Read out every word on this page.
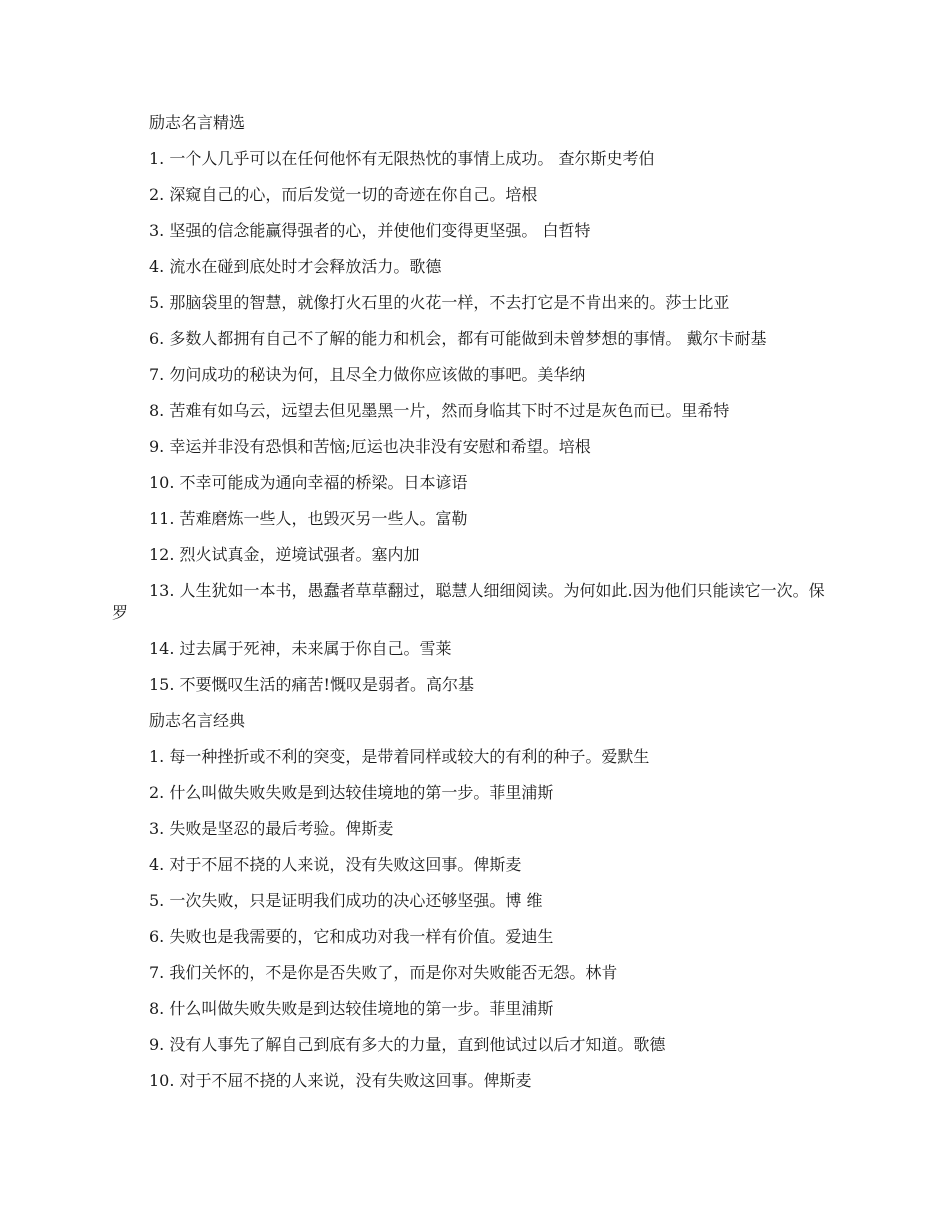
励志名言精选

1. 一个人几乎可以在任何他怀有无限热忱的事情上成功。 查尔斯史考伯

2. 深窥自己的心，而后发觉一切的奇迹在你自己。培根

3. 坚强的信念能赢得强者的心，并使他们变得更坚强。 白哲特

4. 流水在碰到底处时才会释放活力。歌德

5. 那脑袋里的智慧，就像打火石里的火花一样，不去打它是不肯出来的。莎士比亚

6. 多数人都拥有自己不了解的能力和机会，都有可能做到未曾梦想的事情。 戴尔卡耐基

7. 勿问成功的秘诀为何，且尽全力做你应该做的事吧。美华纳

8. 苦难有如乌云，远望去但见墨黑一片，然而身临其下时不过是灰色而已。里希特

9. 幸运并非没有恐惧和苦恼;厄运也决非没有安慰和希望。培根

10. 不幸可能成为通向幸福的桥梁。日本谚语

11. 苦难磨炼一些人，也毁灭另一些人。富勒

12. 烈火试真金，逆境试强者。塞内加

13. 人生犹如一本书，愚蠢者草草翻过，聪慧人细细阅读。为何如此.因为他们只能读它一次。保罗

14. 过去属于死神，未来属于你自己。雪莱

15. 不要慨叹生活的痛苦!慨叹是弱者。高尔基

励志名言经典

1. 每一种挫折或不利的突变，是带着同样或较大的有利的种子。爱默生

2. 什么叫做失败失败是到达较佳境地的第一步。菲里浦斯

3. 失败是坚忍的最后考验。俾斯麦

4. 对于不屈不挠的人来说，没有失败这回事。俾斯麦

5. 一次失败，只是证明我们成功的决心还够坚强。博 维

6. 失败也是我需要的，它和成功对我一样有价值。爱迪生

7. 我们关怀的，不是你是否失败了，而是你对失败能否无怨。林肯

8. 什么叫做失败失败是到达较佳境地的第一步。菲里浦斯

9. 没有人事先了解自己到底有多大的力量，直到他试过以后才知道。歌德

10. 对于不屈不挠的人来说，没有失败这回事。俾斯麦
